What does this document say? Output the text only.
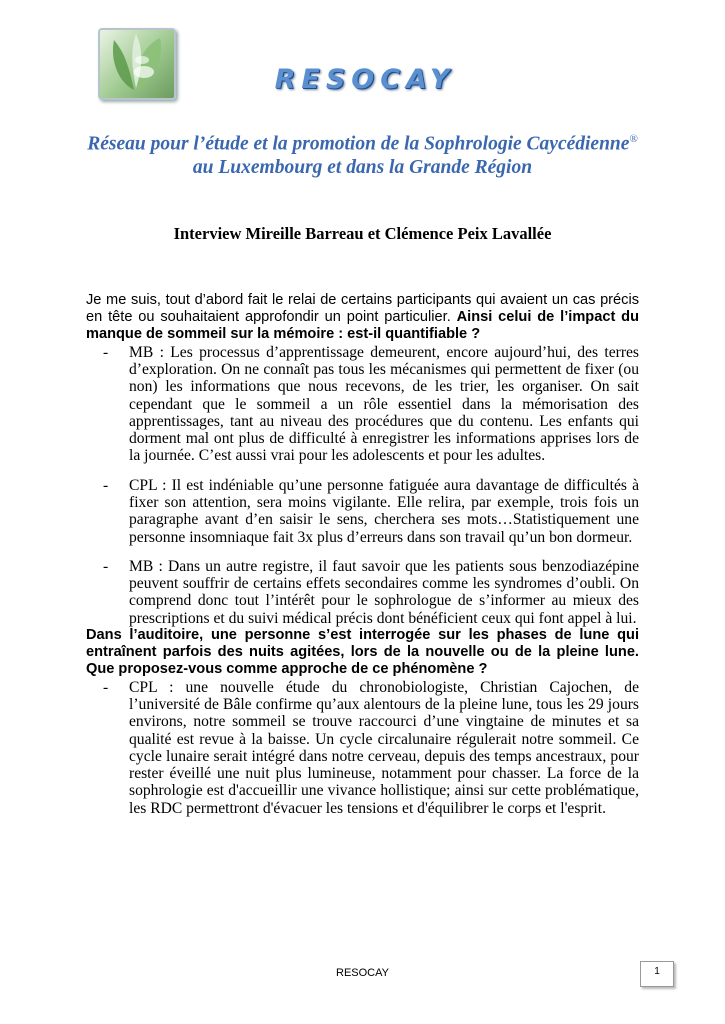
RESOCAY
Réseau pour l’étude et la promotion de la Sophrologie Caycédienne®
au Luxembourg et dans la Grande Région
Interview Mireille Barreau et Clémence Peix Lavallée

Je me suis, tout d’abord fait le relai de certains participants qui avaient un cas précis en tête ou souhaitaient approfondir un point particulier. Ainsi celui de l’impact du manque de sommeil sur la mémoire : est-il quantifiable ?

- MB : Les processus d’apprentissage demeurent, encore aujourd’hui, des terres d’exploration. On ne connaît pas tous les mécanismes qui permettent de fixer (ou non) les informations que nous recevons, de les trier, les organiser. On sait cependant que le sommeil a un rôle essentiel dans la mémorisation des apprentissages, tant au niveau des procédures que du contenu. Les enfants qui dorment mal ont plus de difficulté à enregistrer les informations apprises lors de la journée. C’est aussi vrai pour les adolescents et pour les adultes.
- CPL : Il est indéniable qu’une personne fatiguée aura davantage de difficultés à fixer son attention, sera moins vigilante. Elle relira, par exemple, trois fois un paragraphe avant d’en saisir le sens, cherchera ses mots…Statistiquement une personne insomniaque fait 3x plus d’erreurs dans son travail qu’un bon dormeur.
- MB : Dans un autre registre, il faut savoir que les patients sous benzodiazépine peuvent souffrir de certains effets secondaires comme les syndromes d’oubli. On comprend donc tout l’intérêt pour le sophrologue de s’informer au mieux des prescriptions et du suivi médical précis dont bénéficient ceux qui font appel à lui.

Dans l’auditoire, une personne s’est interrogée sur les phases de lune qui entraînent parfois des nuits agitées, lors de la nouvelle ou de la pleine lune. Que proposez-vous comme approche de ce phénomène ?

- CPL : une nouvelle étude du chronobiologiste, Christian Cajochen, de l’université de Bâle confirme qu’aux alentours de la pleine lune, tous les 29 jours environs, notre sommeil se trouve raccourci d’une vingtaine de minutes et sa qualité est revue à la baisse. Un cycle circalunaire régulerait notre sommeil. Ce cycle lunaire serait intégré dans notre cerveau, depuis des temps ancestraux, pour rester éveillé une nuit plus lumineuse, notamment pour chasser. La force de la sophrologie est d'accueillir une vivance hollistique; ainsi sur cette problématique, les RDC permettront d'évacuer les tensions et d'équilibrer le corps et l'esprit.
RESOCAY	1
